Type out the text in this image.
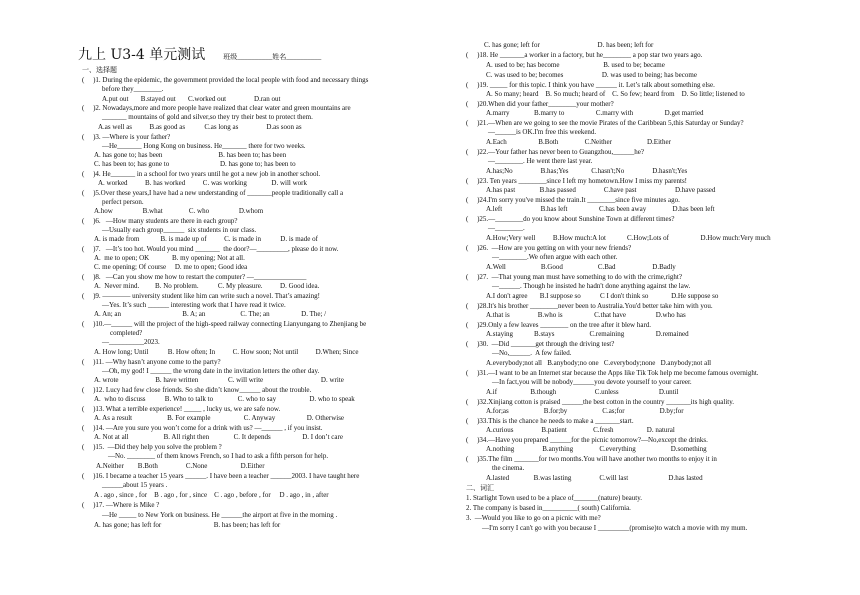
九上 U3-4 单元测试	班级__________姓名__________
一、选择题
(     )1. During the epidemic, the government provided the local people with food and necessary things
before they________.
A.put out       B.stayed out       C.worked out                D.ran out
(     )2. Nowadays,more and more people have realized that clear water and green mountains are
_______ mountains of gold and silver,so they try their best to protect them.
A.as well as          B.as good as           C.as long as                D.as soon as
(     )3. —Where is your father?
—He_______ Hong Kong on business. He_______ there for two weeks.
A. has gone to; has been                                B. has been to; has been
C. has been to; has gone to                             D. has gone to; has been to
(     )4. He_______ in a school for two years until he got a new job in another school.
A. worked          B. has worked          C. was working              D. will work
(     )5.Over these years,I have had a new understanding of _______people traditionally call a
perfect person.
A.how                 B.what               C. who                 D.whom
(     )6.   —How many students are there in each group?
—Usually each group______  six students in our class.
A. is made from            B. is made up of          C. is made in           D. is made of
(     )7.   —It’s too hot. Would you mind _______  the door?—_________, please do it now.
A.  me to open; OK             B. my opening; Not at all.
C. me opening; Of course     D. me to open; Good idea
(     )8.   —Can you show me how to restart the computer? —_______________
A.  Never mind.         B. No problem.           C. My pleasure.          D. Good idea.
(     )9. ———— university student like him can write such a novel. That’s amazing!
—Yes. It’s such ______ interesting work that I have read it twice.
A. An; an                                   B. A; an                    C. The; an                  D. The; /
(     )10.—______ will the project of the high-speed railway connecting Lianyungang to Zhenjiang be
completed?
—__________2023.
A. How long; Until           B. How often; In          C. How soon; Not until          D.When; Since
(     )11. —Why hasn’t anyone come to the party?
—Oh, my god! I ______ the wrong date in the invitation letters the other day.
A. wrote                     B. have written                 C. will write                                 D. write
(     )12. Lucy had few close friends. So she didn’t know______ about the trouble.
A.  who to discuss           B. Who to talk to              C. who to say                   D. who to speak
(     )13. What a terrible experience! _____ , lucky us, we are safe now.
A. As a result                    B. For example                   C. Anyway                  D. Otherwise
(     )14. —Are you sure you won’t come for a drink with us? —______ , if you insist.
A. Not at all                    B. All right then              C. It depends                  D. I don’t care
(     )15.  —Did they help you solve the problem ?
—No. ________ of them knows French, so I had to ask a fifth person for help.
A.Neither        B.Both                C.None                   D.Either
(     )16. I became a teacher 15 years ______. I have been a teacher ______2003. I have taught here
______about 15 years .
A . ago , since , for    B . ago , for , since    C . ago , before , for     D . ago , in , after
(     )17. —Where is Mike ?
—He _____ to New York on business. He ______the airport at five in the morning .
A. has gone; has left for                              B. has been; has left for
C. has gone; left for                                 D. has been; left for
(     )18. He _______a worker in a factory, but he________ a pop star two years ago.
A. used to be; has become                         B. used to be; became
C. was used to be; becomes                      D. was used to being; has become
(     )19. _____ for this topic. I think you have ______ it. Let’s talk about something else.
A. So many; heard    B. So much; heard of    C. So few; heard from    D. So little; listened to
(     )20.When did your father________your mother?
A.marry              B.marry to                  C.marry with                  D.get married
(     )21.—When are we going to see the movie Pirates of the Caribbean 5,this Saturday or Sunday?
—______is OK.I'm free this weekend.
A.Each                  B.Both               C.Neither                    D.Either
(     )22.—Your father has never been to Guangzhou,______he?
—________. He went there last year.
A.has;No                B.has;Yes             C.hasn't;No                D.hasn't;Yes
(     )23. Ten years ________since I left my hometown.How I miss my parents!
A.has past              B.has passed                C.have past                      D.have passed
(     )24.I'm sorry you've missed the train.It ________since five minutes ago.
A.left                      B.has left                  C.has been away               D.has been left
(     )25.—________do you know about Sunshine Town at different times?
—________.
A.How;Very well          B.How much:A lot            C.How;Lots of                  D.How much:Very much
(     )26.  —How are you getting on with your new friends?
—________.We often argue with each other.
A.Well                    B.Good                    C.Bad                     D.Badly
(     )27.  —That young man must have something to do with the crime,right?
—______. Though he insisted he hadn't done anything against the law.
A.I don't agree       B.I suppose so           C I don't think so             D.He suppose so
(     )28.It's his brother ________never been to Australia.You'd better take him with you.
A.that is                B.who is                  C.that have                 D.who has
(     )29.Only a few leaves ________ on the tree after it blew hard.
A.staying            B.stays                    C.remaining                  D.remained
(     )30.  —Did _______get through the driving test?
—No,______.  A few failed.
A.everybody;not all   B.anybody;no one   C.everybody;none   D.anybody;not all
(     )31.—I want to be an Internet star because the Apps like Tik Tok help me become famous overnight.
—In fact,you will be nobody______you devote yourself to your career.
A.if                   B.though                      C.unless                       D.until
(     )32.Xinjiang cotton is praised ______the best cotton in the country _______its high quality.
A.for;as                    B.for;by                    C.as;for                    D.by;for
(     )33.This is the chance he needs to make a _______start.
A.curious                B.patient               C.fresh                   D. natural
(     )34.—Have you prepared ______for the picnic tomorrow?—No,except the drinks.
A.nothing                B.anything               C.everything                    D.something
(     )35.The film _______for two months.You will have another two months to enjoy it in
the cinema.
A.lasted              B.was lasting                C.will last                       D.has lasted
二、词汇
1. Starlight Town used to be a place of_______(nature) beauty.
2. The company is based in__________( south) California.
3.  —Would you like to go on a picnic with me?
—I'm sorry I can't go with you because I _________(promise)to watch a movie with my mum.
